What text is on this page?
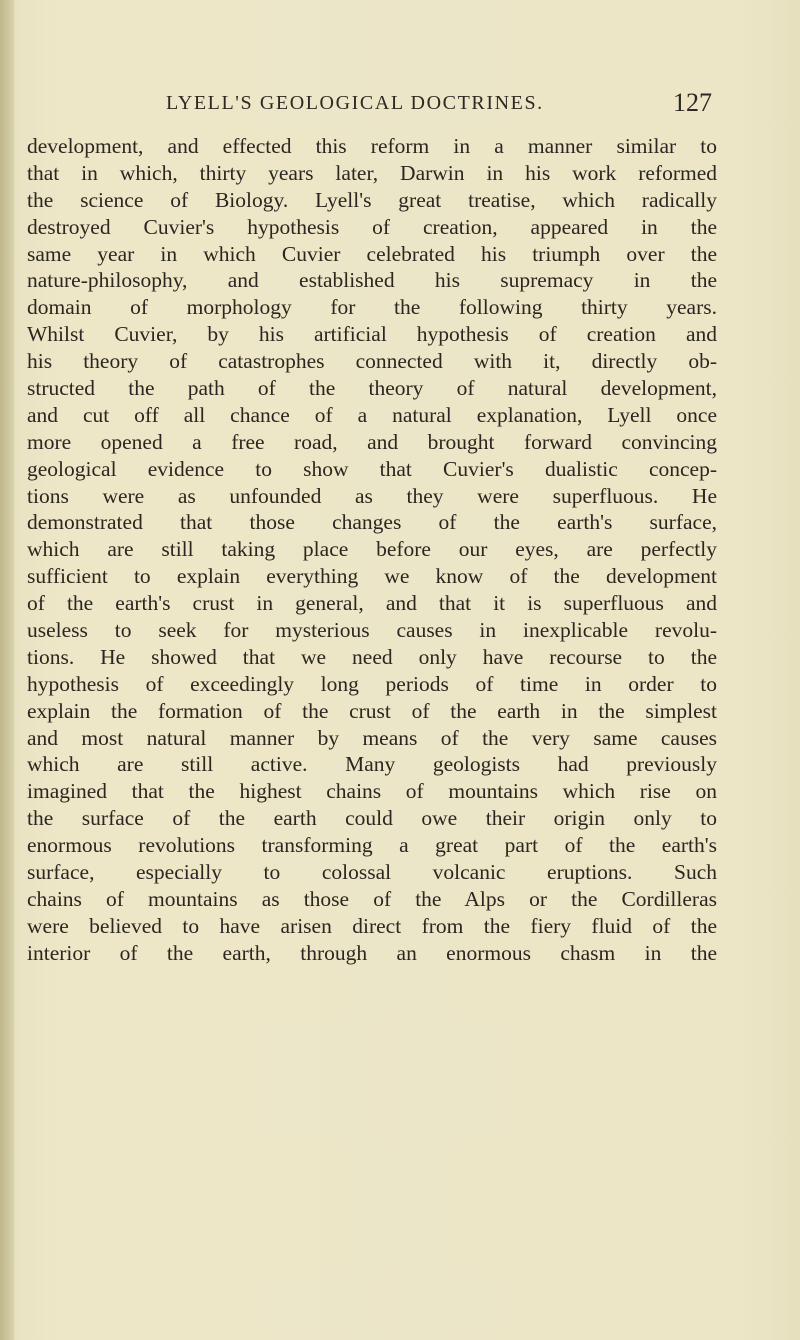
LYELL'S GEOLOGICAL DOCTRINES.	127
development, and effected this reform in a manner similar to
that in which, thirty years later, Darwin in his work reformed
the science of Biology. Lyell's great treatise, which radically
destroyed Cuvier's hypothesis of creation, appeared in the
same year in which Cuvier celebrated his triumph over the
nature-philosophy, and established his supremacy in the
domain of morphology for the following thirty years.
Whilst Cuvier, by his artificial hypothesis of creation and
his theory of catastrophes connected with it, directly ob-
structed the path of the theory of natural development,
and cut off all chance of a natural explanation, Lyell once
more opened a free road, and brought forward convincing
geological evidence to show that Cuvier's dualistic concep-
tions were as unfounded as they were superfluous. He
demonstrated that those changes of the earth's surface,
which are still taking place before our eyes, are perfectly
sufficient to explain everything we know of the development
of the earth's crust in general, and that it is superfluous and
useless to seek for mysterious causes in inexplicable revolu-
tions. He showed that we need only have recourse to the
hypothesis of exceedingly long periods of time in order to
explain the formation of the crust of the earth in the simplest
and most natural manner by means of the very same causes
which are still active. Many geologists had previously
imagined that the highest chains of mountains which rise on
the surface of the earth could owe their origin only to
enormous revolutions transforming a great part of the earth's
surface, especially to colossal volcanic eruptions. Such
chains of mountains as those of the Alps or the Cordilleras
were believed to have arisen direct from the fiery fluid of the
interior of the earth, through an enormous chasm in the
